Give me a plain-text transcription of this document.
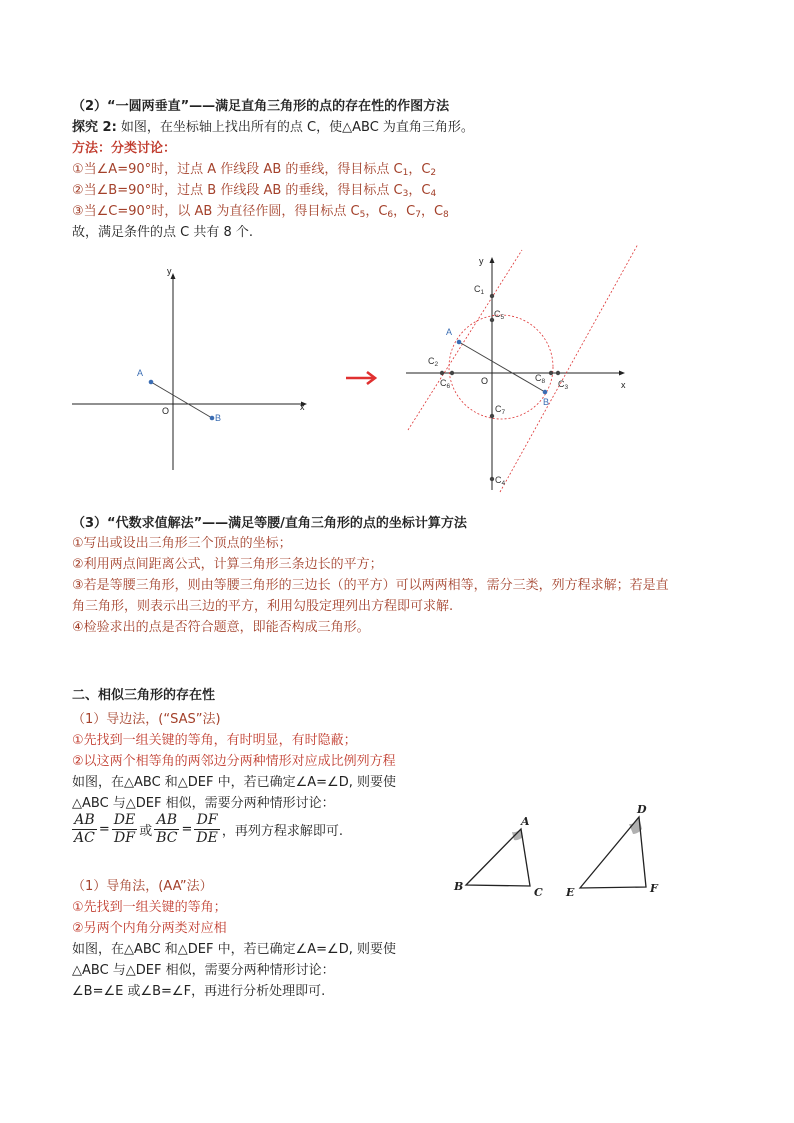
（2）“一圆两垂直”——满足直角三角形的点的存在性的作图方法
探究 2: 如图，在坐标轴上找出所有的点 C，使△ABC 为直角三角形。
方法：分类讨论：
①当∠A=90°时，过点 A 作线段 AB 的垂线，得目标点 $C_1$，$C_2$
②当∠B=90°时，过点 B 作线段 AB 的垂线，得目标点 $C_3$，$C_4$
③当∠C=90°时，以 AB 为直径作圆，得目标点 $C_5$，$C_6$，$C_7$，$C_8$
故，满足条件的点 C 共有 8 个.
x
y
O
A
B
x
y
O
A
B
$C_1$
$C_5$
$C_2$
$C_6$
$C_8$ $C_3$
$C_7$
$C_4$
（3）“代数求值解法”——满足等腰/直角三角形的点的坐标计算方法
①写出或设出三角形三个顶点的坐标；
②利用两点间距离公式，计算三角形三条边长的平方；
③若是等腰三角形，则由等腰三角形的三边长（的平方）可以两两相等，需分三类，列方程求解；若是直
角三角形，则表示出三边的平方，利用勾股定理列出方程即可求解.
④检验求出的点是否符合题意，即能否构成三角形。
二、相似三角形的存在性
（1）导边法，(“SAS”法)
①先找到一组关键的等角，有时明显，有时隐蔽；
②以这两个相等角的两邻边分两种情形对应成比例列方程
如图，在△ABC 和△DEF 中，若已确定∠A=∠D, 则要使
△ABC 与△DEF 相似，需要分两种情形讨论：
$\frac{AB}{AC} = \frac{DE}{DF}$ 或 $\frac{AB}{BC} = \frac{DF}{DE}$ ，再列方程求解即可.
（1）导角法，(AA”法）
①先找到一组关键的等角；
②另两个内角分两类对应相
如图，在△ABC 和△DEF 中，若已确定∠A=∠D, 则要使
△ABC 与△DEF 相似，需要分两种情形讨论：
∠B=∠E 或∠B=∠F，再进行分析处理即可.
A
B	C
D
E	F
